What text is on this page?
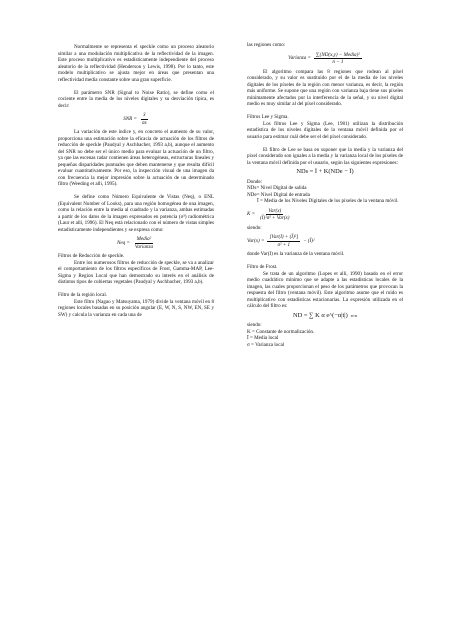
Normalmente se representa el speckle como un proceso aleatorio similar a una modulación multiplicativa de la reflectividad de la imagen. Este proceso multiplicativo es estadísticamente independiente del proceso aleatorio de la reflectividad (Henderson y Lewis, 1998). Por lo tanto, este modelo multiplicativo se ajusta mejor en áreas que presentan una reflectividad media constante sobre una gran superficie.

El parámetro SNR (Signal to Noise Ratio), se define como el cociente entre la media de los niveles digitales y su desviación típica, es decir:

SNR = $\frac{x̄}{\sigma x}$

La variación de este índice y, en concreto el aumento de su valor, proporciona una estimación sobre la eficacia de actuación de los filtros de reducción de speckle (Paudyal y Aschbacher, 1993 a,b), aunque el aumento del SNR no debe ser el único medio para evaluar la actuación de un filtro, ya que las escenas radar contienen áreas heterogéneas, estructuras lineales y pequeñas disparidades puntuales que deben mantenerse y que resulta difícil evaluar cuantitativamente. Por eso, la inspección visual de una imagen da con frecuencia la mejor impresión sobre la actuación de un determinado filtro (Weeding et alli, 1995).

Se define como Número Equivalente de Vistas (Neq), o ENL (Equivalent Number of Looks), para una región homogénea de una imagen, como la relación entre la media al cuadrado y la varianza, ambas estimadas a partir de los datos de la imagen expresados en potencia (σ²) radiométrica (Laur et alli, 1996). El Neq está relacionado con el número de vistas simples estadísticamente independientes y se expresa como:

Neq = $\frac{\text{Media²}}{\text{Varianza}}$

Filtros de Reducción de speckle.

Entre los numerosos filtros de reducción de speckle, se va a analizar el comportamiento de los filtros específicos de Frost, Gamma-MAP, Lee-Sigma y Region Local que han demostrado su interés en el análisis de distintos tipos de cubiertas vegetales (Paudyal y Aschbacher, 1993 a,b).

Filtro de la región local.

Este filtro (Nagao y Matsuyama, 1979) divide la ventana móvil en 8 regiones locales basadas en su posición angular (E, W, N, S, NW, EN, SE y SW) y calcula la varianza en cada una de

las regiones como:

Varianza = $\frac{\text{∑(ND(x,y) − Media)²}}{n - 1}$

El algoritmo compara las 8 regiones que rodean al píxel considerado, y su valor es sustituido por el de la media de los niveles digitales de los píxeles de la región con menor varianza, es decir, la región más uniforme. Se supone que una región con varianza baja tiene sus píxeles mínimamente afectados por la interferencia de la señal, y su nivel digital medio es muy similar al del píxel considerado.

Filtros Lee y Sigma.

Los filtros Lee y Sigma (Lee, 1981) utilizan la distribución estadística de los niveles digitales de la ventana móvil definida por el usuario para estimar cuál debe ser el del píxel considerado.

El filtro de Lee se basa en suponer que la media y la varianza del píxel considerado son iguales a la media y la varianza local de los píxeles de la ventana móvil definida por el usuario, según las siguientes expresiones:

NDs = Ī + K(NDe − Ī)
Donde:
NDs= Nivel Digital de salida
NDe= Nivel Digital de entrada
Ī = Media de los Niveles Digitales de los píxeles de la ventana móvil.
$K = \frac{\text{Var(x)}}{\text{(Ī)²σ² + Var(x)}}$
siendo:
$Var(x) = \frac{\text{[Var(I) + (Ī)²]}}{\text{σ² + 1}}$ − (Ī)²

donde Var(I) es la varianza de la ventana móvil.

Filtro de Frost.

Se trata de un algoritmo (Lopes et alli, 1990) basado en el error medio cuadrático mínimo que se adapte a las estadísticas locales de la imagen, las cuales proporcionan el peso de los parámetros que provocan la respuesta del filtro (ventana móvil). Este algoritmo asume que el ruido es multiplicativo con estadísticas estacionarias. La expresión utilizada en el cálculo del filtro es:

ND = ∑ K α e^(−α|t|) n×n
siendo:
K = Constante de normalización.
Ī = Media local
σ = Varianza local
